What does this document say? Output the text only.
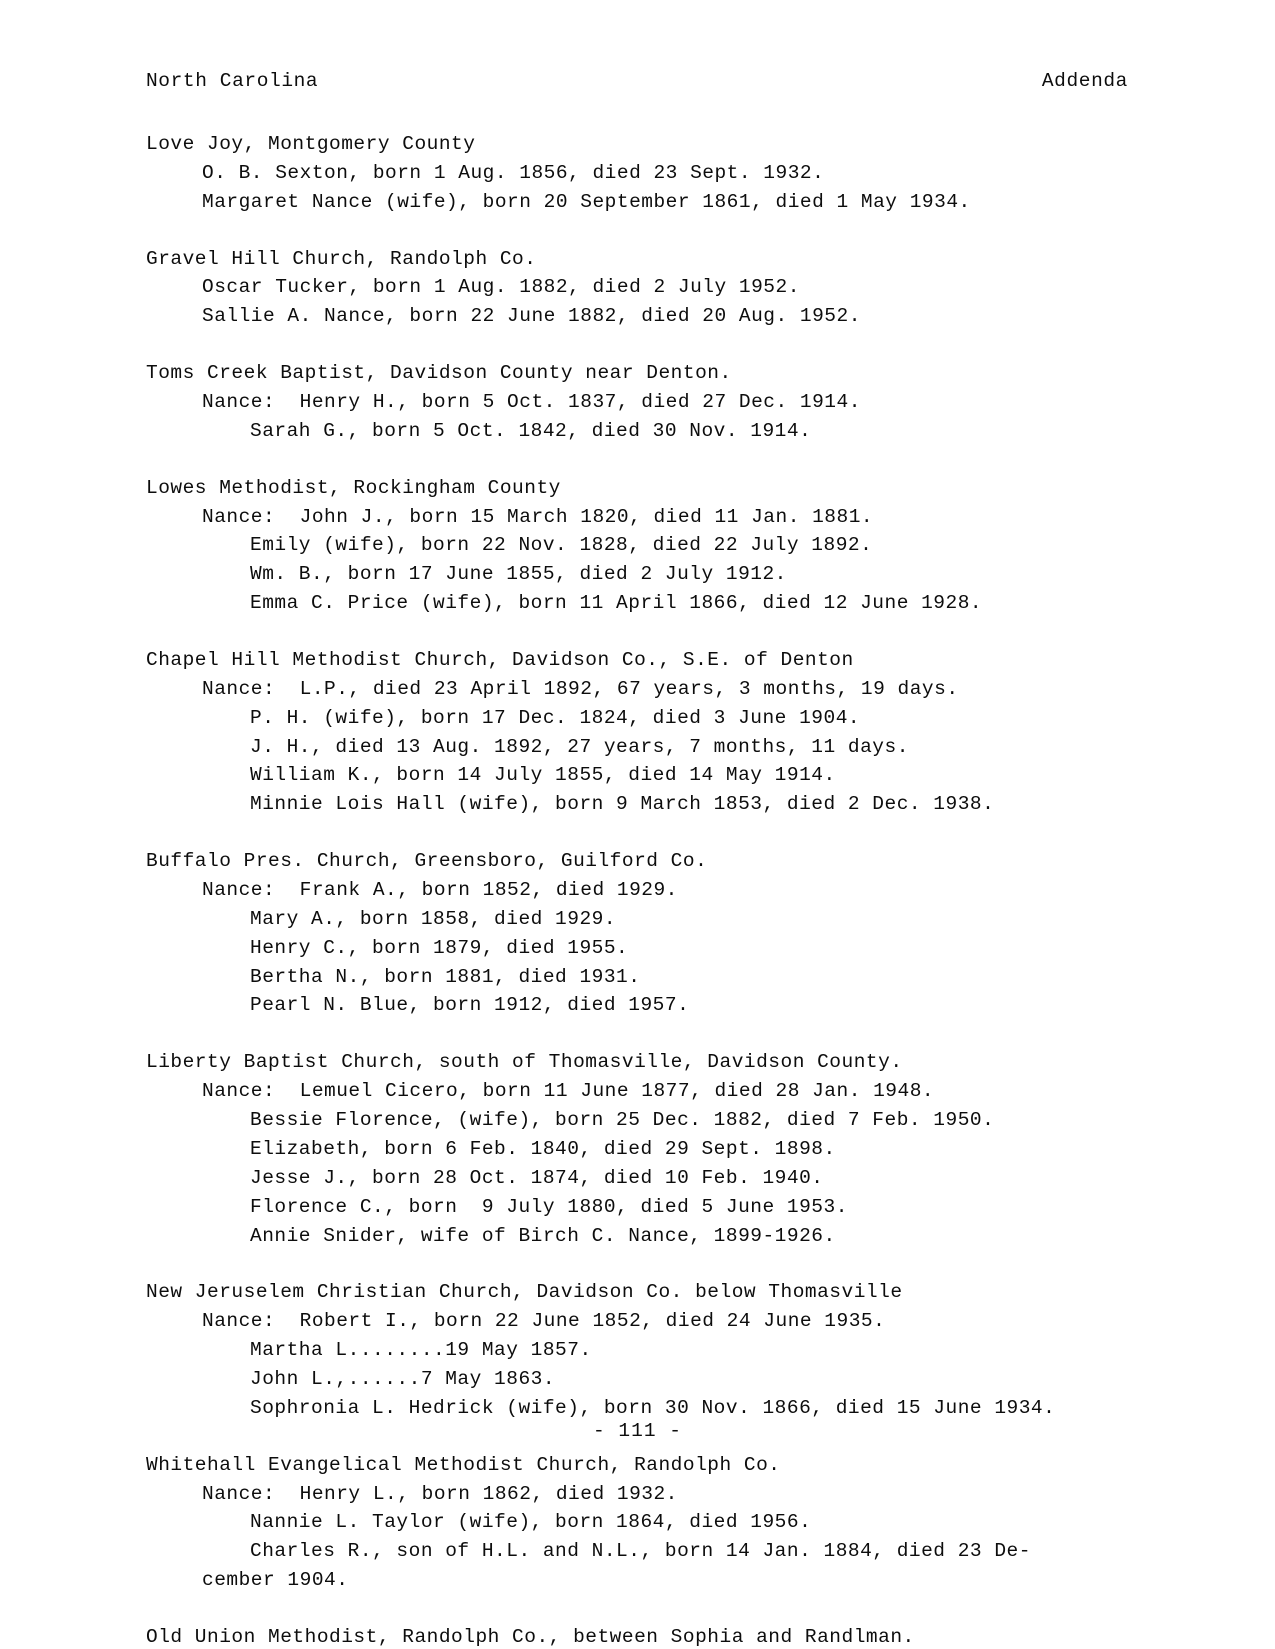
North Carolina	Addenda
Love Joy, Montgomery County
O. B. Sexton, born 1 Aug. 1856, died 23 Sept. 1932.
Margaret Nance (wife), born 20 September 1861, died 1 May 1934.
Gravel Hill Church, Randolph Co.
Oscar Tucker, born 1 Aug. 1882, died 2 July 1952.
Sallie A. Nance, born 22 June 1882, died 20 Aug. 1952.
Toms Creek Baptist, Davidson County near Denton.
Nance:  Henry H., born 5 Oct. 1837, died 27 Dec. 1914.
Sarah G., born 5 Oct. 1842, died 30 Nov. 1914.
Lowes Methodist, Rockingham County
Nance:  John J., born 15 March 1820, died 11 Jan. 1881.
Emily (wife), born 22 Nov. 1828, died 22 July 1892.
Wm. B., born 17 June 1855, died 2 July 1912.
Emma C. Price (wife), born 11 April 1866, died 12 June 1928.
Chapel Hill Methodist Church, Davidson Co., S.E. of Denton
Nance:  L.P., died 23 April 1892, 67 years, 3 months, 19 days.
P. H. (wife), born 17 Dec. 1824, died 3 June 1904.
J. H., died 13 Aug. 1892, 27 years, 7 months, 11 days.
William K., born 14 July 1855, died 14 May 1914.
Minnie Lois Hall (wife), born 9 March 1853, died 2 Dec. 1938.
Buffalo Pres. Church, Greensboro, Guilford Co.
Nance:  Frank A., born 1852, died 1929.
Mary A., born 1858, died 1929.
Henry C., born 1879, died 1955.
Bertha N., born 1881, died 1931.
Pearl N. Blue, born 1912, died 1957.
Liberty Baptist Church, south of Thomasville, Davidson County.
Nance:  Lemuel Cicero, born 11 June 1877, died 28 Jan. 1948.
Bessie Florence, (wife), born 25 Dec. 1882, died 7 Feb. 1950.
Elizabeth, born 6 Feb. 1840, died 29 Sept. 1898.
Jesse J., born 28 Oct. 1874, died 10 Feb. 1940.
Florence C., born  9 July 1880, died 5 June 1953.
Annie Snider, wife of Birch C. Nance, 1899-1926.
New Jeruselem Christian Church, Davidson Co. below Thomasville
Nance:  Robert I., born 22 June 1852, died 24 June 1935.
Martha L........19 May 1857.
John L.,......7 May 1863.
Sophronia L. Hedrick (wife), born 30 Nov. 1866, died 15 June 1934.
Whitehall Evangelical Methodist Church, Randolph Co.
Nance:  Henry L., born 1862, died 1932.
Nannie L. Taylor (wife), born 1864, died 1956.
Charles R., son of H.L. and N.L., born 14 Jan. 1884, died 23 De-
cember 1904.
Old Union Methodist, Randolph Co., between Sophia and Randlman.
- 111 -
